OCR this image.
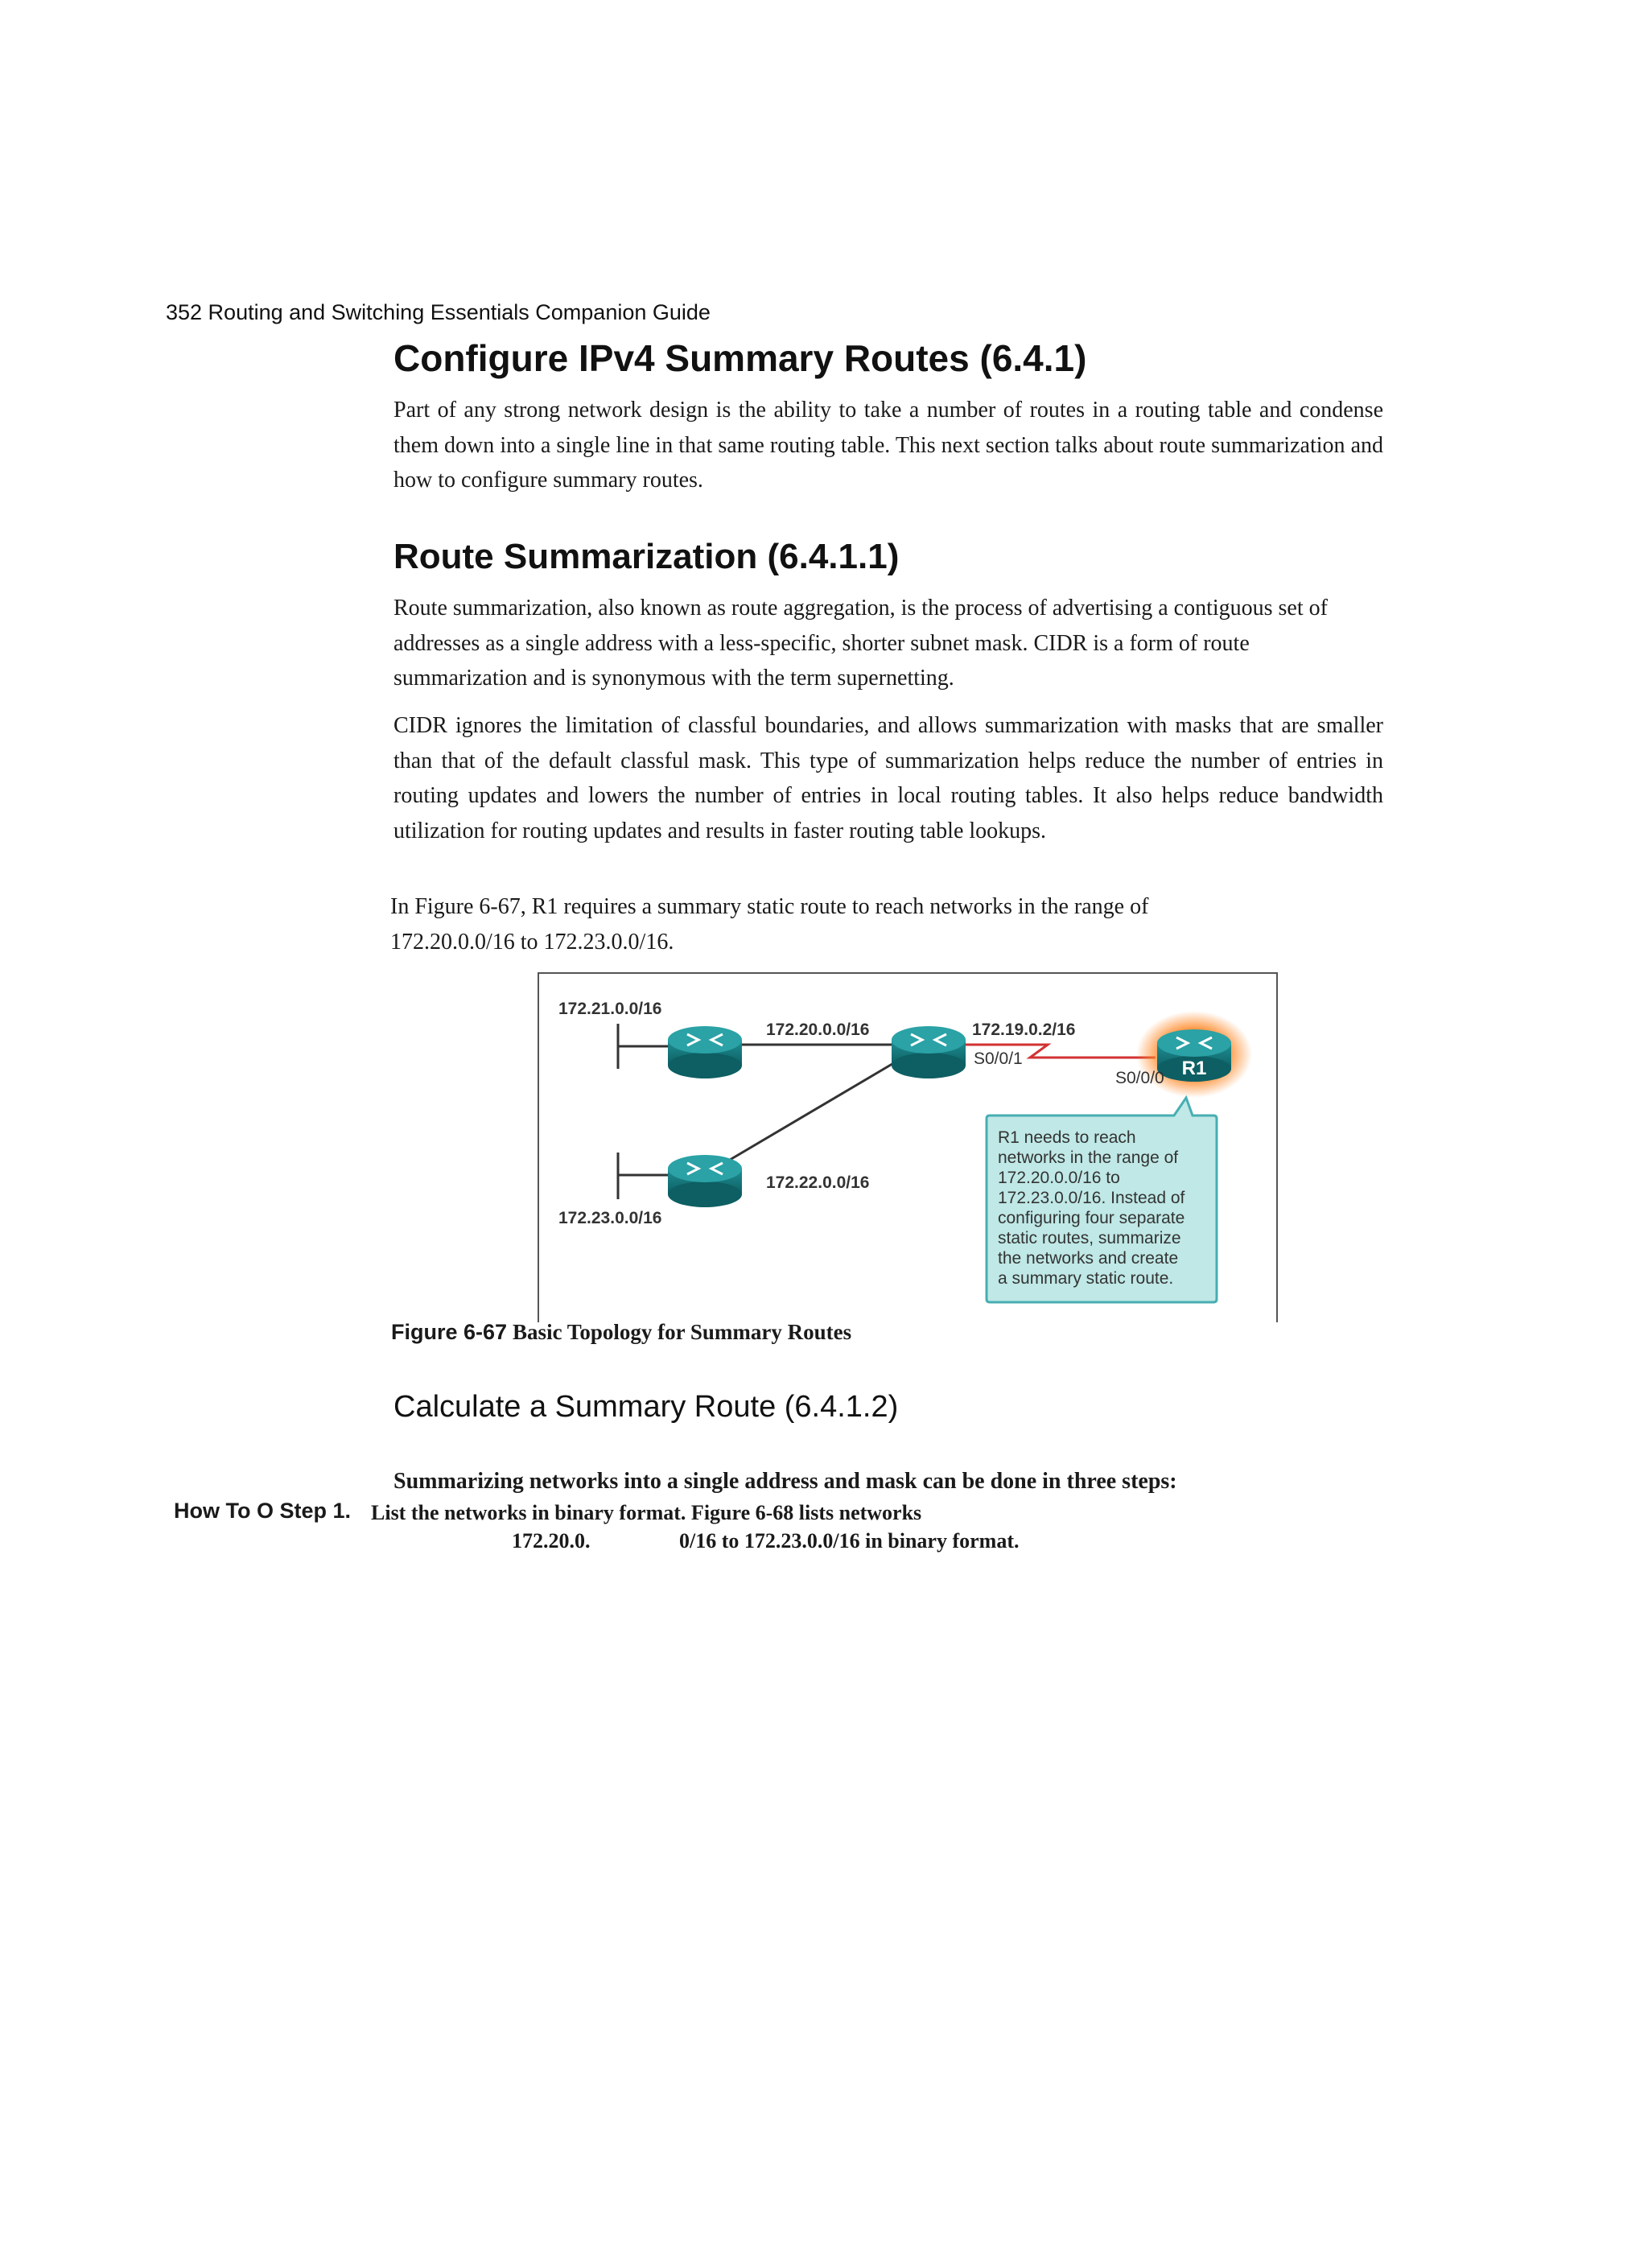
352 Routing and Switching Essentials Companion Guide
Configure IPv4 Summary Routes (6.4.1)

Part of any strong network design is the ability to take a number of routes in a routing table and condense them down into a single line in that same routing table. This next section talks about route summarization and how to configure summary routes.

Route Summarization (6.4.1.1)

Route summarization, also known as route aggregation, is the process of advertising a contiguous set of addresses as a single address with a less-specific, shorter subnet mask. CIDR is a form of route summarization and is synonymous with the term supernetting.

CIDR ignores the limitation of classful boundaries, and allows summarization with masks that are smaller than that of the default classful mask. This type of summarization helps reduce the number of entries in routing updates and lowers the number of entries in local routing tables. It also helps reduce bandwidth utilization for routing updates and results in faster routing table lookups.

In Figure 6-67, R1 requires a summary static route to reach networks in the range of
172.20.0.0/16 to 172.23.0.0/16.

R1
172.21.0.0/16
172.20.0.0/16	172.19.0.2/16
172.22.0.0/16
172.23.0.0/16
S0/0/1
S0/0/0
R1 needs to reach
networks in the range of
172.20.0.0/16 to
172.23.0.0/16. Instead of
configuring four separate
static routes, summarize
the networks and create
a summary static route.
Figure 6-67 Basic Topology for Summary Routes
Calculate a Summary Route (6.4.1.2)

Summarizing networks into a single address and mask can be done in three steps:

How To O Step 1. List the networks in binary format. Figure 6-68 lists networks
172.20.0.	0/16 to 172.23.0.0/16 in binary format.
